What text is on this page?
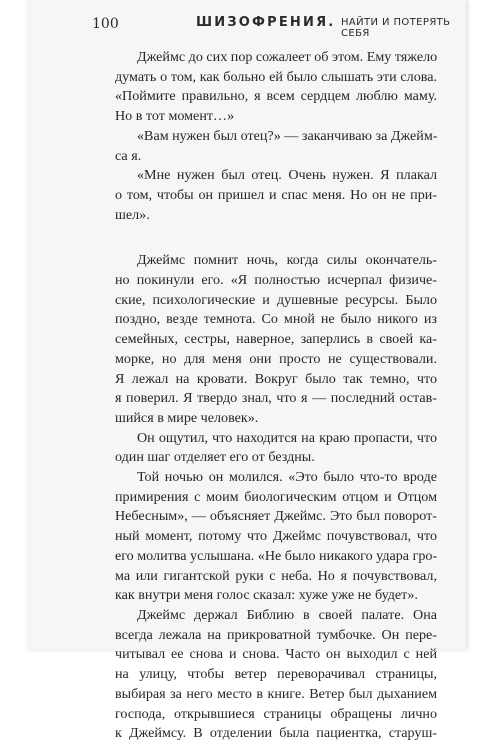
100	ШИЗОФРЕНИЯ. НАЙТИ И ПОТЕРЯТЬ СЕБЯ

Джеймс до сих пор сожалеет об этом. Ему тяжело
думать о том, как больно ей было слышать эти слова.
«Поймите правильно, я всем сердцем люблю маму.
Но в тот момент…»

«Вам нужен был отец?» — заканчиваю за Джейм-
са я.

«Мне нужен был отец. Очень нужен. Я плакал
о том, чтобы он пришел и спас меня. Но он не при-
шел».

Джеймс помнит ночь, когда силы окончатель-
но покинули его. «Я полностью исчерпал физиче-
ские, психологические и душевные ресурсы. Было
поздно, везде темнота. Со мной не было никого из
семейных, сестры, наверное, заперлись в своей ка-
морке, но для меня они просто не существовали.
Я лежал на кровати. Вокруг было так темно, что
я поверил. Я твердо знал, что я — последний остав-
шийся в мире человек».

Он ощутил, что находится на краю пропасти, что
один шаг отделяет его от бездны.

Той ночью он молился. «Это было что-то вроде
примирения с моим биологическим отцом и Отцом
Небесным», — объясняет Джеймс. Это был поворот-
ный момент, потому что Джеймс почувствовал, что
его молитва услышана. «Не было никакого удара гро-
ма или гигантской руки с неба. Но я почувствовал,
как внутри меня голос сказал: хуже уже не будет».

Джеймс держал Библию в своей палате. Она
всегда лежала на прикроватной тумбочке. Он пере-
читывал ее снова и снова. Часто он выходил с ней
на улицу, чтобы ветер переворачивал страницы,
выбирая за него место в книге. Ветер был дыханием
господа, открывшиеся страницы обращены лично
к Джеймсу. В отделении была пациентка, старуш-
